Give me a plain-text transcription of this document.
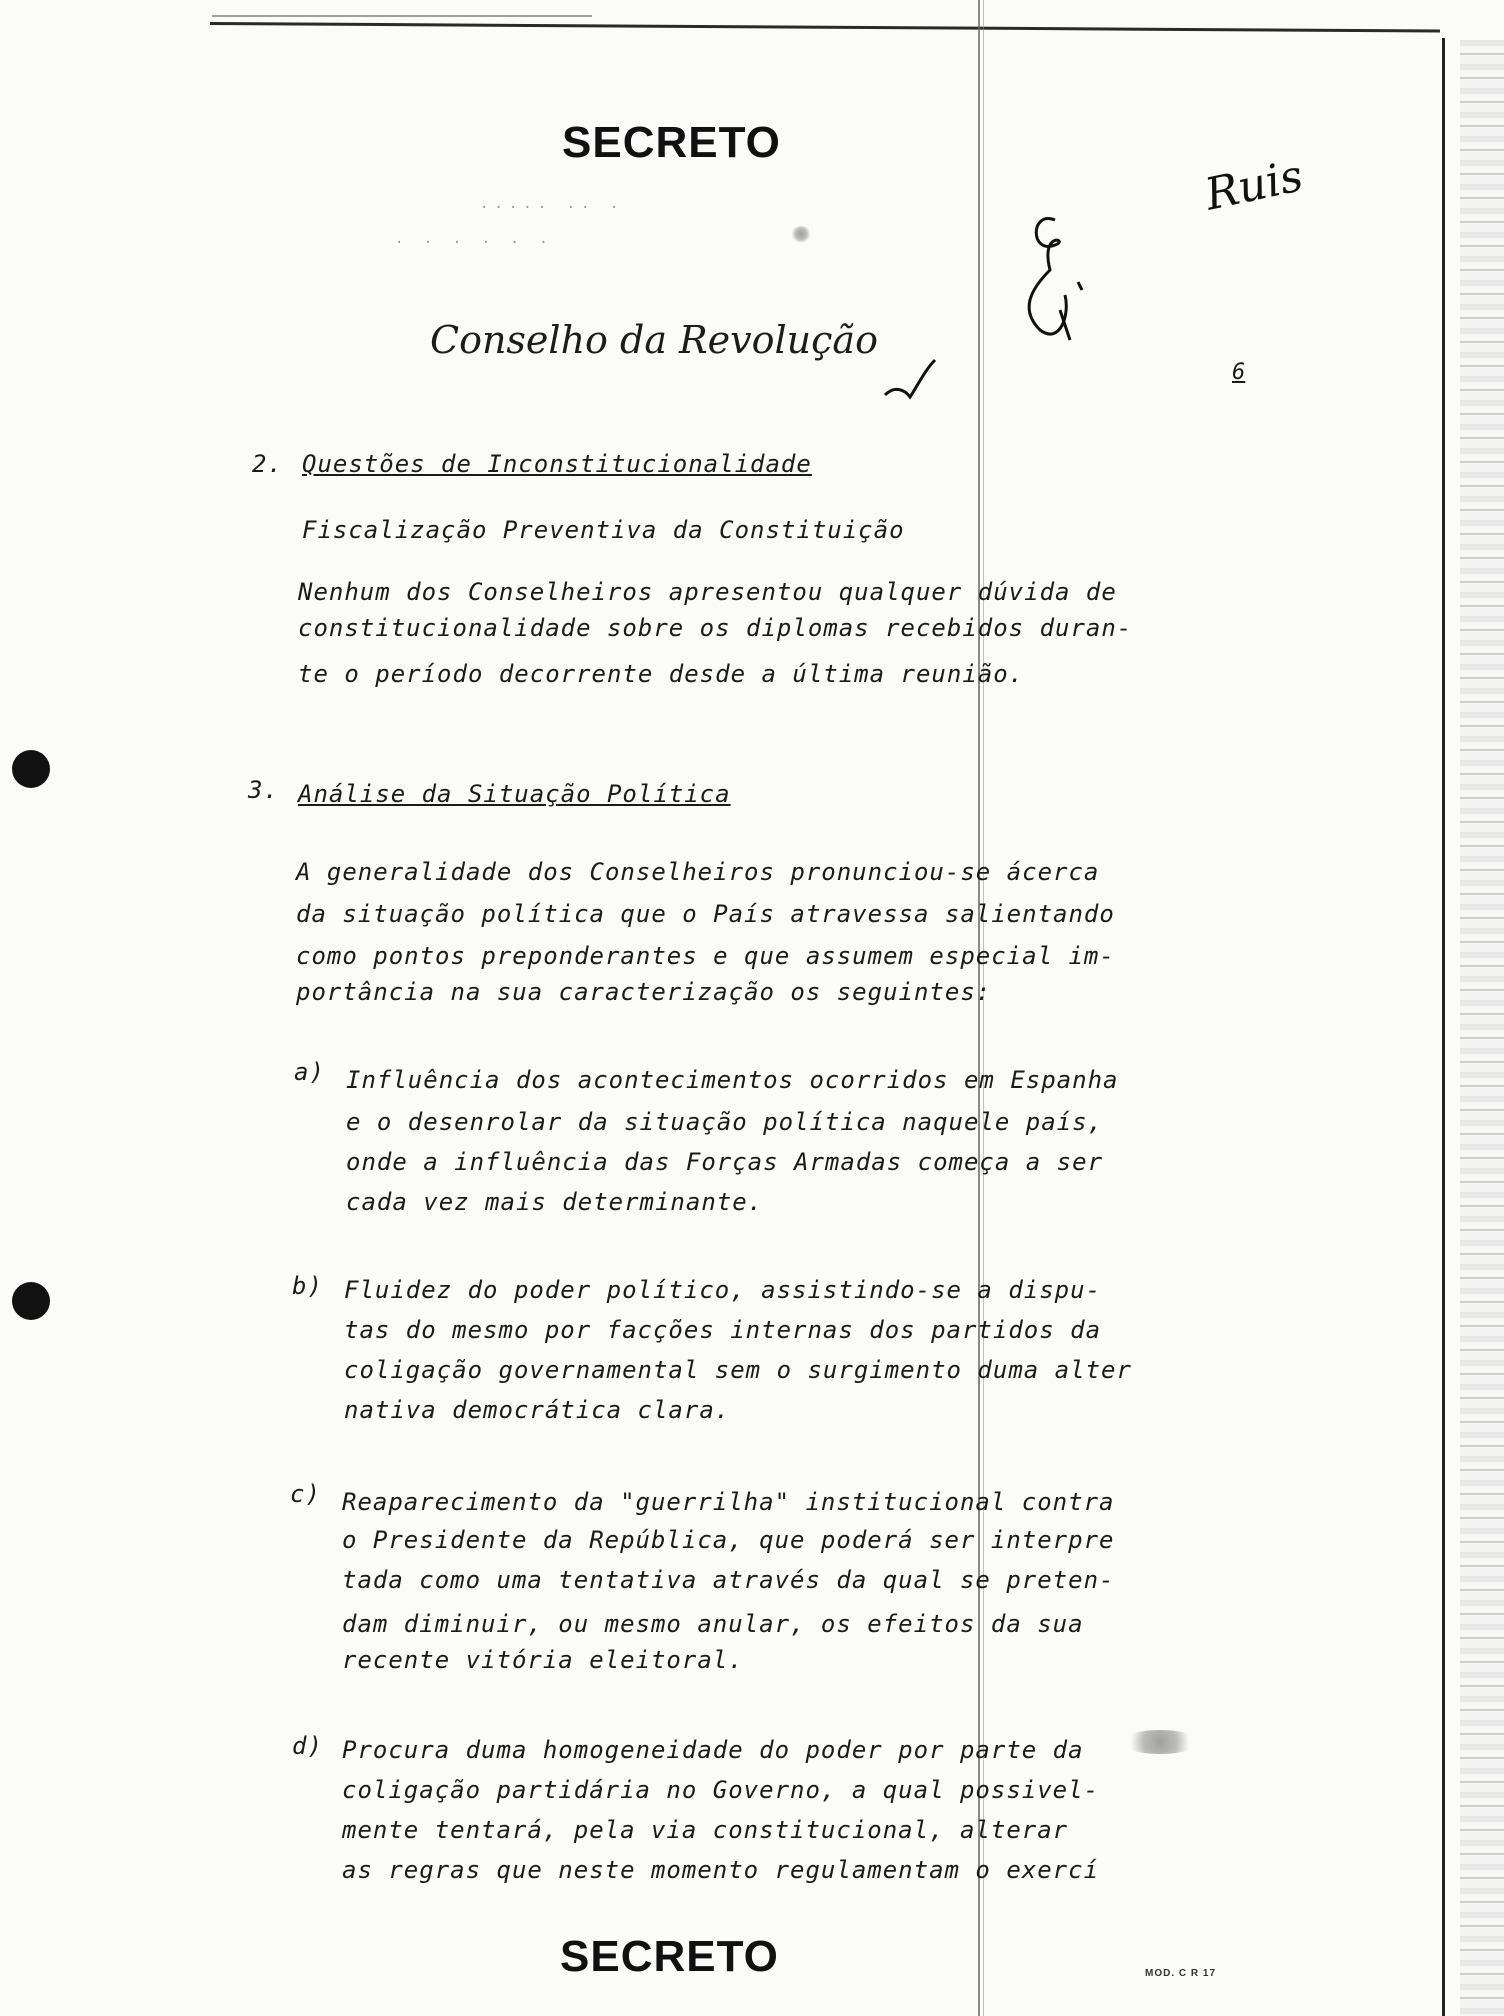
SECRETO
····· ·· ·
· · · · · ·
Ruis
Conselho da Revolução
6
2. Questões de Inconstitucionalidade
Fiscalização Preventiva da Constituição
Nenhum dos Conselheiros apresentou qualquer dúvida de
constitucionalidade sobre os diplomas recebidos duran-
te o período decorrente desde a última reunião.
3. Análise da Situação Política
A generalidade dos Conselheiros pronunciou-se ácerca
da situação política que o País atravessa salientando
como pontos preponderantes e que assumem especial im-
portância na sua caracterização os seguintes:
a) Influência dos acontecimentos ocorridos em Espanha
e o desenrolar da situação política naquele país,
onde a influência das Forças Armadas começa a ser
cada vez mais determinante.
b) Fluidez do poder político, assistindo-se a dispu-
tas do mesmo por facções internas dos partidos da
coligação governamental sem o surgimento duma alter
nativa democrática clara.
c) Reaparecimento da "guerrilha" institucional contra
o Presidente da República, que poderá ser interpre
tada como uma tentativa através da qual se preten-
dam diminuir, ou mesmo anular, os efeitos da sua
recente vitória eleitoral.
d) Procura duma homogeneidade do poder por parte da
coligação partidária no Governo, a qual possivel-
mente tentará, pela via constitucional, alterar
as regras que neste momento regulamentam o exercí
SECRETO	MOD. C R 17
